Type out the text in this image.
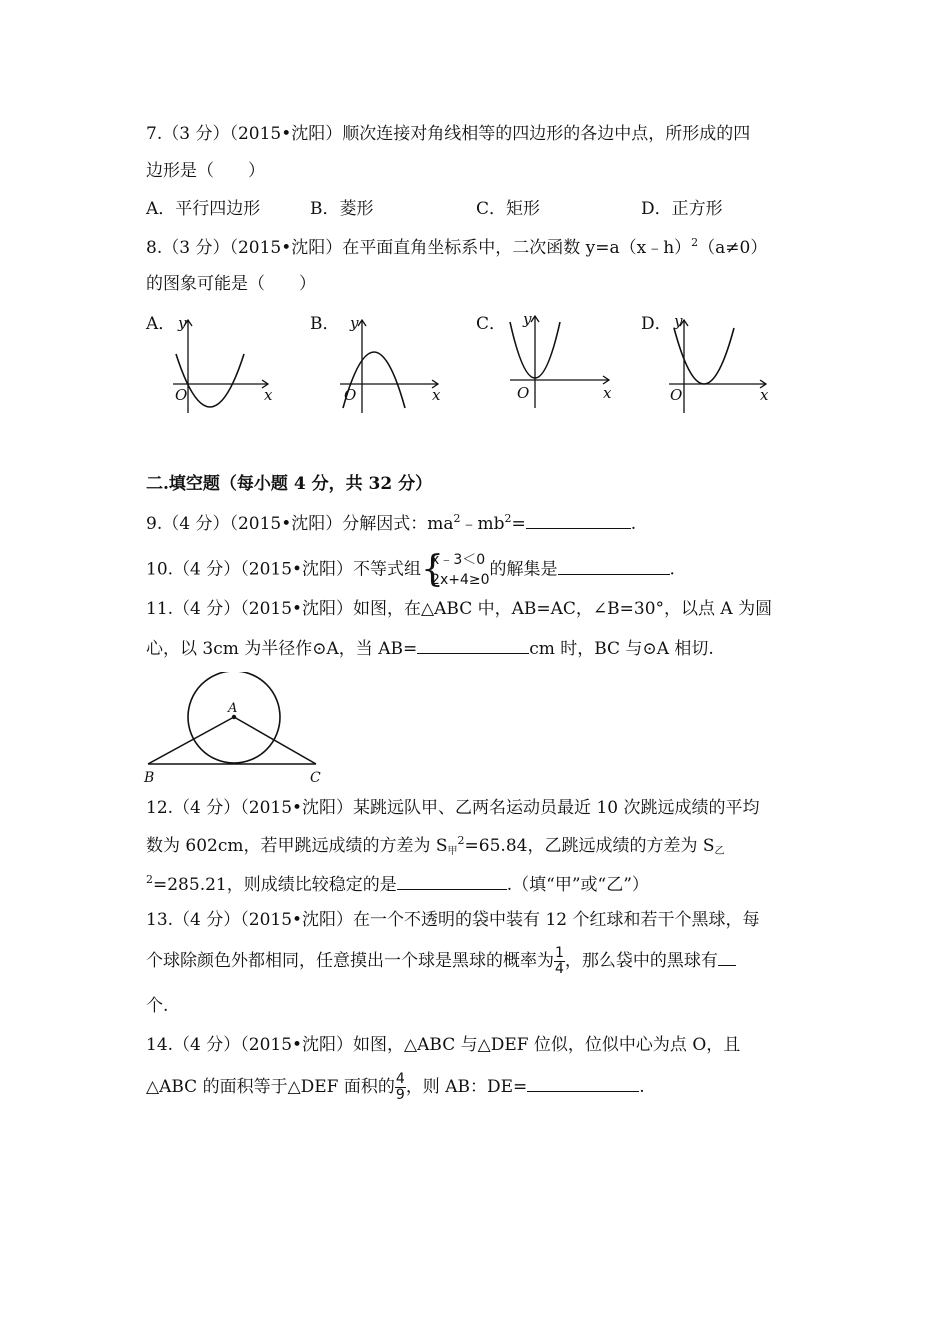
7.（3 分）（2015•沈阳）顺次连接对角线相等的四边形的各边中点，所形成的四
边形是（　　）
A．平行四边形	B．菱形	C．矩形	D．正方形
8.（3 分）（2015•沈阳）在平面直角坐标系中，二次函数 y=a（x﹣h）$^2$（a≠0）
的图象可能是（　　）
A．	B．	C．	D．
y
x
O
y
x
O
y
x
O
y
x
O
二.填空题（每小题 4 分，共 32 分）
9.（4 分）（2015•沈阳）分解因式：$ma^2﹣mb^2=$	.
10.（4 分）（2015•沈阳）不等式组 {
x﹣3＜0
2x+4≥0
的解集是	.
11.（4 分）（2015•沈阳）如图，在△ABC 中，AB=AC，∠B=30°，以点 A 为圆
心，以 3cm 为半径作⊙A，当 AB=	cm 时，BC 与⊙A 相切.
A
B	C
12.（4 分）（2015•沈阳）某跳远队甲、乙两名运动员最近 10 次跳远成绩的平均
数为 602cm，若甲跳远成绩的方差为 $S_甲^2=65.84$，乙跳远成绩的方差为 $S_乙$
$^2$=285.21，则成绩比较稳定的是	.（填“甲”或“乙”）
13.（4 分）（2015•沈阳）在一个不透明的袋中装有 12 个红球和若干个黑球，每
个球除颜色外都相同，任意摸出一个球是黑球的概率为 $\frac{1}{4}$ ，那么袋中的黑球有
个.
14.（4 分）（2015•沈阳）如图，△ABC 与△DEF 位似，位似中心为点 O，且
△ABC 的面积等于△DEF 面积的 $\frac{4}{9}$ ，则 AB：DE=	.
